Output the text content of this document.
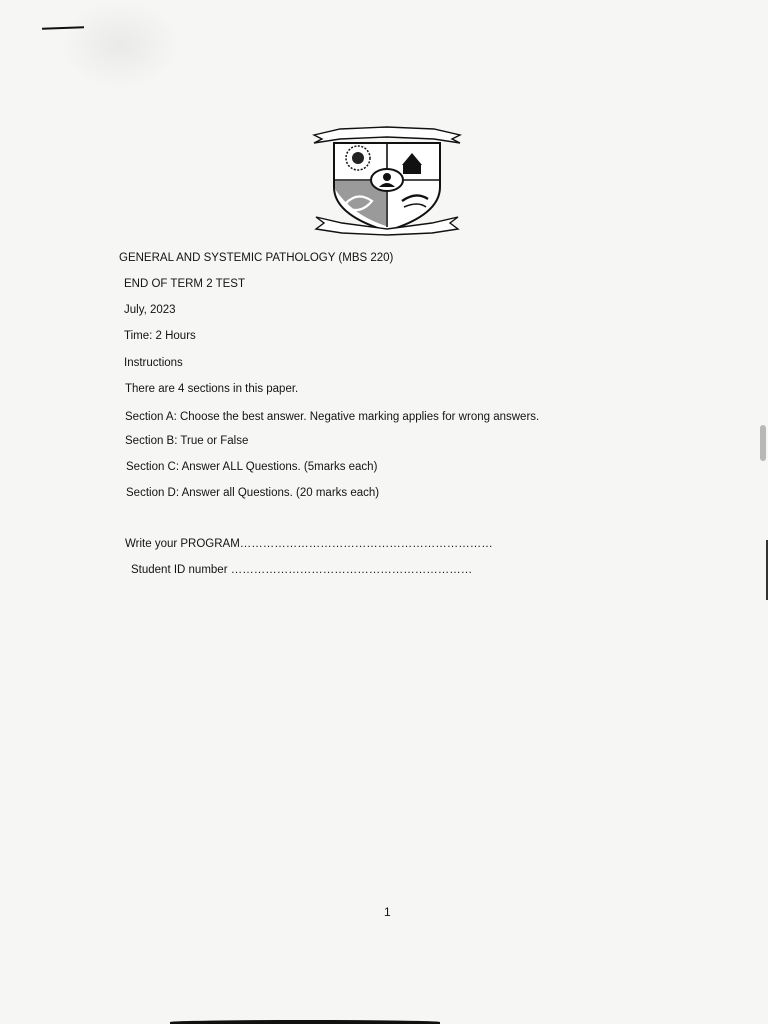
GENERAL AND SYSTEMIC PATHOLOGY (MBS 220)
END OF TERM 2 TEST
July, 2023
Time: 2 Hours
Instructions
There are 4 sections in this paper.
Section A: Choose the best answer. Negative marking applies for wrong answers.
Section B: True or False
Section C: Answer ALL Questions. (5marks each)
Section D: Answer all Questions. (20 marks each)
Write your PROGRAM…………………………………………………………
Student ID number ………………………………………………………
1
